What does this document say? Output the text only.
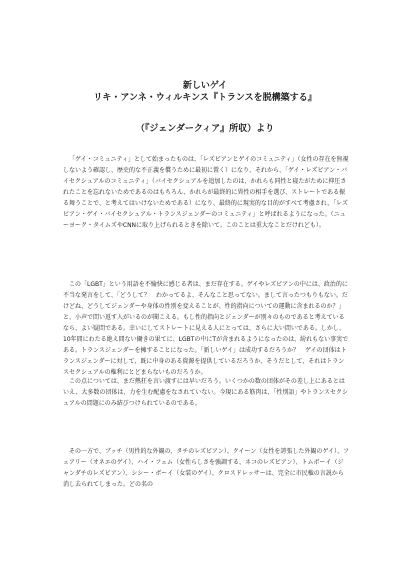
新しいゲイ

リキ・アンネ・ウィルキンス『トランスを脱構築する』

（『ジェンダークィア』所収）より

「ゲイ・コミュニティ」として始まったものは、「レズビアンとゲイのコミュニティ」（女性の存在を無視しないよう確認し、歴史的な不正義を償うために最初に置く）になり、それから、「ゲイ・レズビアン・バイセクシュアルのコミュニティ」（バイセクシュアルを追加したのは、かれらも同性と寝たがために抑圧されたことを忘れないためであるのはもちろん、かれらが最終的に異性の相手を選び、ストレートである振る舞うことで、と考えてはいけないためである）になり、最終的に現実的な目的がすべて考慮され、「レズビアン・ゲイ・バイセクシュアル・トランスジェンダーのコミュニティ」と呼ばれるようになった。（ニューヨーク・タイムズやCNNに取り上げられるときを除いて。このことは重大なことだけれども）。

この「LGBT」という用語を不愉快に感じる者は、まだ存在する。ゲイやレズビアンの中には、政治的に不当な発言をして、「どうして？　わかってるよ、そんなこと思ってない。まして言ったつもりもない。だけどね、どうしてジェンダーや身体の性別を変えることが、性的指向についての運動に含まれるのか？」と、小声で問い返す人がいるのが聞こえる。もし性的指向とジェンダーが別々のものであると考えているなら、よい疑問である。幸いにしてストレートに見える人にとっては、さらに大い問いである。しかし、10年間にわたる絶え間ない働きの果てに、LGBTの中にTが含まれるようになったのは、紛れもない事実である。トランスジェンダーを擁することになった。「新しいゲイ」は成功するだろうか？　ゲイの団体はトランスジェンダーに対して、既に中身のある資源を提供しているだろうか、そうだとして、それはトランスセクシュアルの権利にとどまらないものだろうか。

この点については、まだ熱狂を言い渡すには早いだろう。いくつかの数の団体がその差し上にあるとはいえ、大多数の団体は、力を生む配慮をなされていない。今現にある筋肉は、「性別語」やトランスセクシュアルの問題にのみ結びつけられているのである。

その一方で、ブッチ（男性的な外観の、タチのレズビアン）、クイーン（女性を誇張した外観のゲイ）、フェアリー（オネエのゲイ）、ハイ・フェム（女性らしさを強調する、ネコのレズビアン）、トムボーイ（ジャンダチのレズビアン）、シシー・ボーイ（女装のゲイ）、クロスドレッサーは、完全に市民権の言説から消し去られてしまった。どの名の
